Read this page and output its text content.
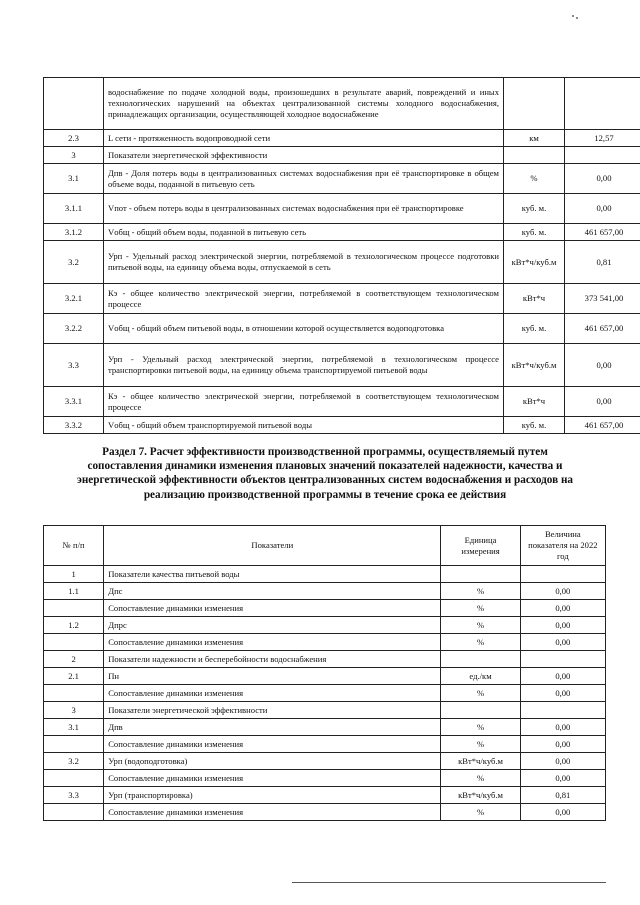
	водоснабжение по подаче холодной воды, произошедших в результате аварий, повреждений и иных технологических нарушений на объектах централизованной системы холодного водоснабжения, принадлежащих организации, осуществляющей холодное водоснабжение		
2.3	L сети - протяженность водопроводной сети	км	12,57
3	Показатели энергетической эффективности		
3.1	Дпв - Доля потерь воды в централизованных системах водоснабжения при её транспортировке в общем объеме воды, поданной в питьевую сеть	%	0,00
3.1.1	Vпот - объем потерь воды в централизованных системах водоснабжения при её транспортировке	куб. м.	0,00
3.1.2	Vобщ - общий объем воды, поданной в питьевую сеть	куб. м.	461 657,00
3.2	Урп - Удельный расход электрической энергии, потребляемой в технологическом процессе подготовки питьевой воды, на единицу объема воды, отпускаемой в сеть	кВт*ч/куб.м	0,81
3.2.1	Кэ - общее количество электрической энергии, потребляемой в соответствующем технологическом процессе	кВт*ч	373 541,00
3.2.2	Vобщ - общий объем питьевой воды, в отношении которой осуществляется водоподготовка	куб. м.	461 657,00
3.3	Урп - Удельный расход электрической энергии, потребляемой в технологическом процессе транспортировки питьевой воды, на единицу объема транспортируемой питьевой воды	кВт*ч/куб.м	0,00
3.3.1	Кэ - общее количество электрической энергии, потребляемой в соответствующем технологическом процессе	кВт*ч	0,00
3.3.2	Vобщ - общий объем транспортируемой питьевой воды	куб. м.	461 657,00
Раздел 7. Расчет эффективности производственной программы, осуществляемый путем
сопоставления динамики изменения плановых значений показателей надежности, качества и
энергетической эффективности объектов централизованных систем водоснабжения и расходов на
реализацию производственной программы в течение срока ее действия
№ п/п	Показатели	Единица измерения	Величина показателя на 2022 год
1	Показатели качества питьевой воды		
1.1	Дпс	%	0,00
	Сопоставление динамики изменения	%	0,00
1.2	Дпрс	%	0,00
	Сопоставление динамики изменения	%	0,00
2	Показатели надежности и бесперебойности водоснабжения		
2.1	Пн	ед./км	0,00
	Сопоставление динамики изменения	%	0,00
3	Показатели энергетической эффективности		
3.1	Дпв	%	0,00
	Сопоставление динамики изменения	%	0,00
3.2	Урп (водоподготовка)	кВт*ч/куб.м	0,00
	Сопоставление динамики изменения	%	0,00
3.3	Урп (транспортировка)	кВт*ч/куб.м	0,81
	Сопоставление динамики изменения	%	0,00
